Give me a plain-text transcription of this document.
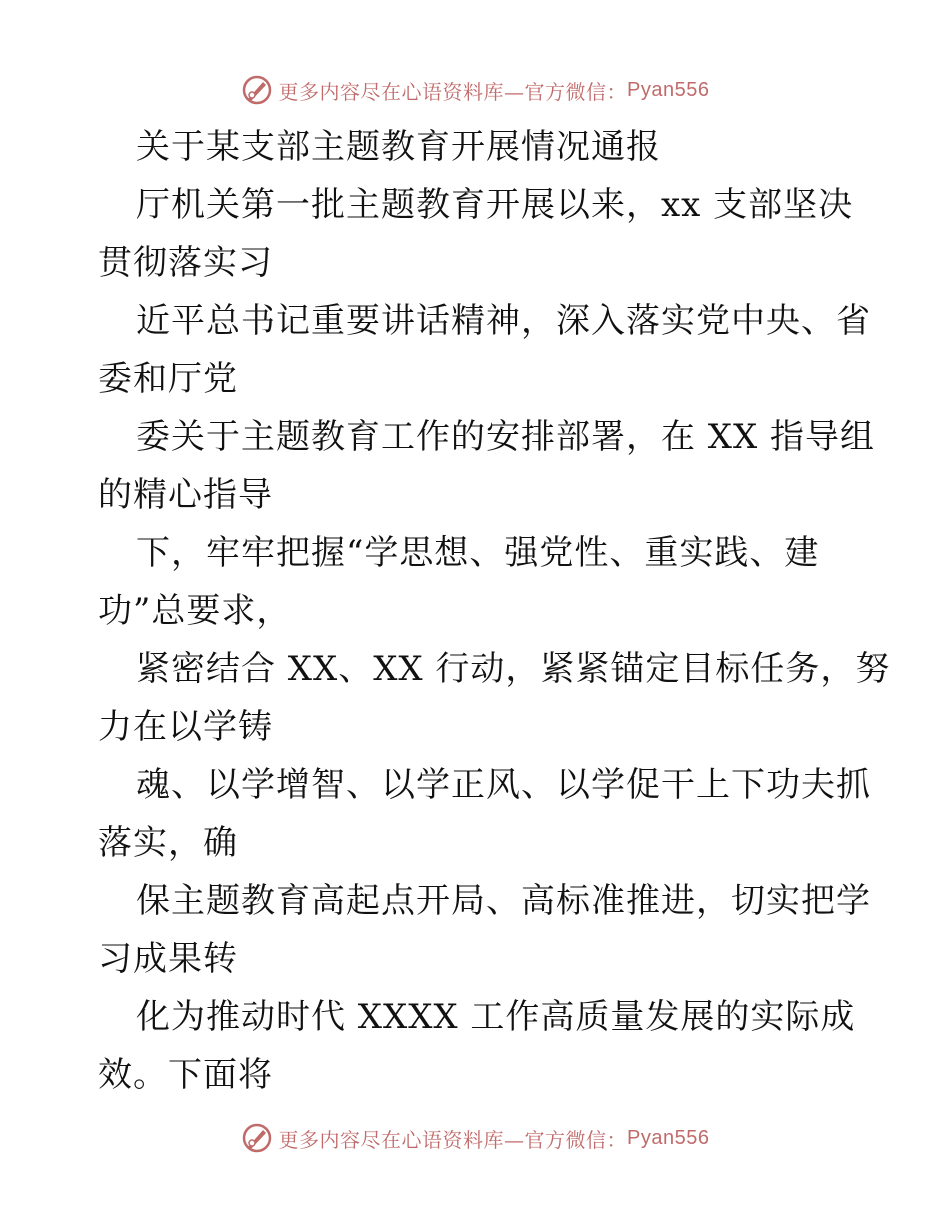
更多内容尽在心语资料库—官方微信： Pyan556
关于某支部主题教育开展情况通报
厅机关第一批主题教育开展以来，xx 支部坚决
贯彻落实习
近平总书记重要讲话精神，深入落实党中央、省
委和厅党
委关于主题教育工作的安排部署，在 XX 指导组
的精心指导
下，牢牢把握“学思想、强党性、重实践、建
功”总要求，
紧密结合 XX、XX 行动，紧紧锚定目标任务，努
力在以学铸
魂、以学增智、以学正风、以学促干上下功夫抓
落实，确
保主题教育高起点开局、高标准推进，切实把学
习成果转
化为推动时代 XXXX 工作高质量发展的实际成
效。下面将
更多内容尽在心语资料库—官方微信： Pyan556
